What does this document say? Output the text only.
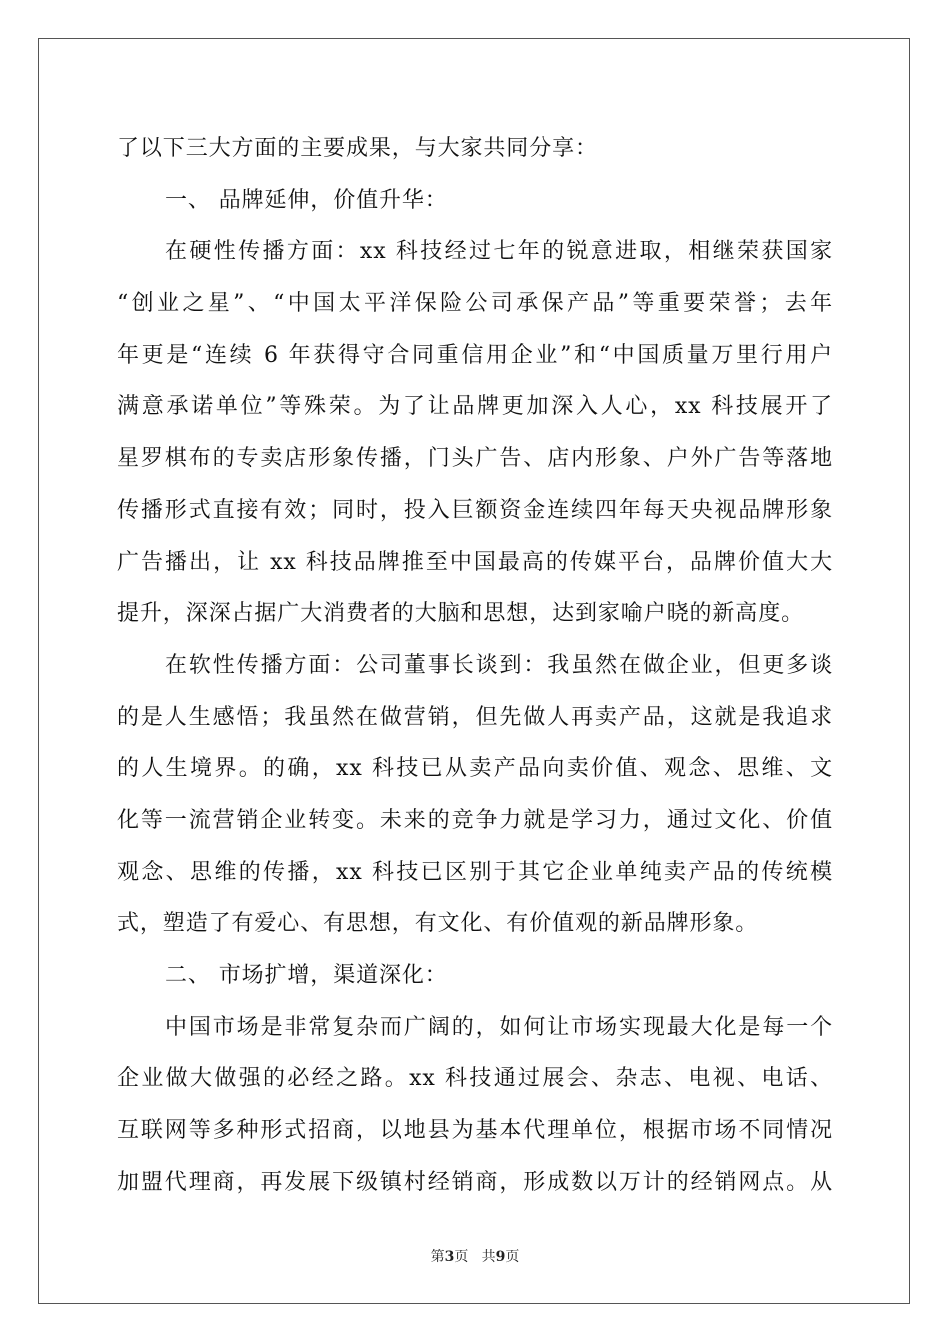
了以下三大方面的主要成果，与大家共同分享：
一、 品牌延伸，价值升华：
在硬性传播方面：xx 科技经过七年的锐意进取，相继荣获国家
“创业之星”、“中国太平洋保险公司承保产品”等重要荣誉；去年
年更是“连续 6 年获得守合同重信用企业”和“中国质量万里行用户
满意承诺单位”等殊荣。为了让品牌更加深入人心，xx 科技展开了
星罗棋布的专卖店形象传播，门头广告、店内形象、户外广告等落地
传播形式直接有效；同时，投入巨额资金连续四年每天央视品牌形象
广告播出，让 xx 科技品牌推至中国最高的传媒平台，品牌价值大大
提升，深深占据广大消费者的大脑和思想，达到家喻户晓的新高度。
在软性传播方面：公司董事长谈到：我虽然在做企业，但更多谈
的是人生感悟；我虽然在做营销，但先做人再卖产品，这就是我追求
的人生境界。的确，xx 科技已从卖产品向卖价值、观念、思维、文
化等一流营销企业转变。未来的竞争力就是学习力，通过文化、价值
观念、思维的传播，xx 科技已区别于其它企业单纯卖产品的传统模
式，塑造了有爱心、有思想，有文化、有价值观的新品牌形象。
二、 市场扩增，渠道深化：
中国市场是非常复杂而广阔的，如何让市场实现最大化是每一个
企业做大做强的必经之路。xx 科技通过展会、杂志、电视、电话、
互联网等多种形式招商，以地县为基本代理单位，根据市场不同情况
加盟代理商，再发展下级镇村经销商，形成数以万计的经销网点。从
第3页 共9页
